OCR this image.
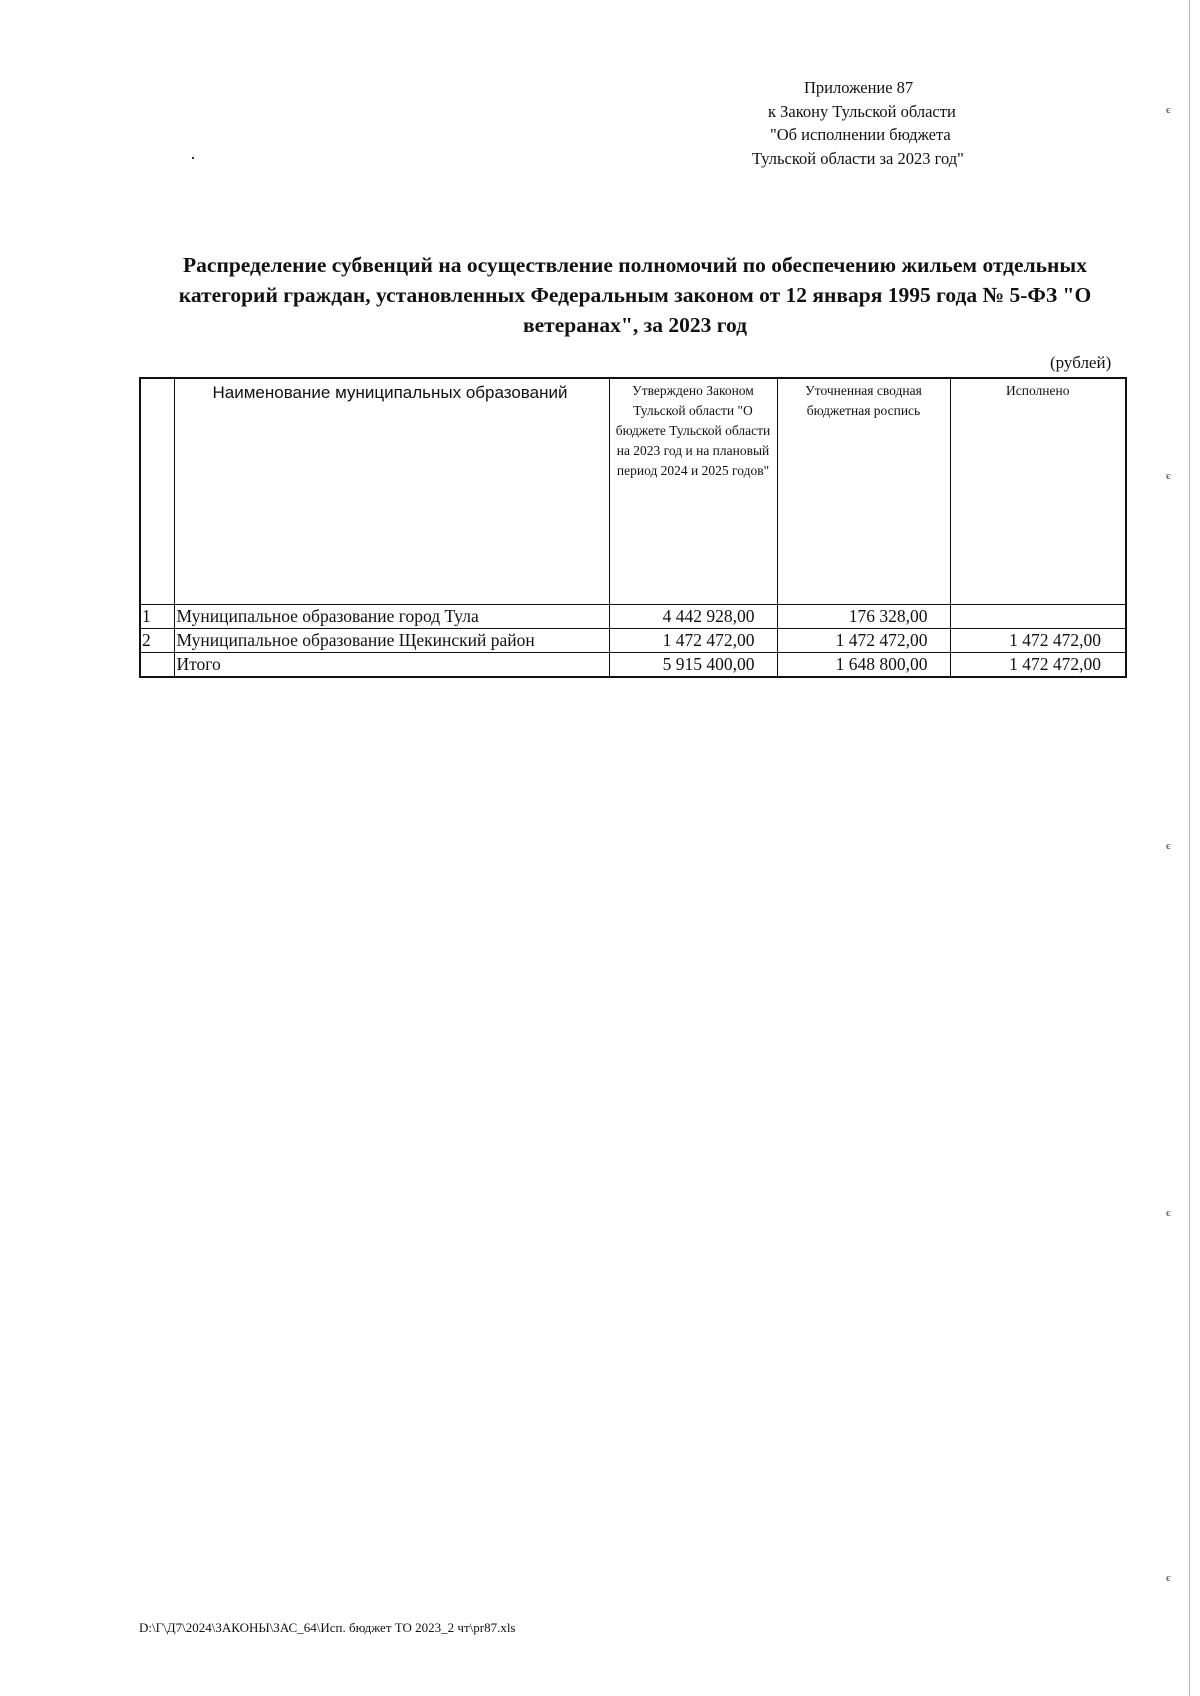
є
є
є
є
є
Приложение 87
к Закону Тульской области
"Об исполнении бюджета
Тульской области за 2023 год"
Распределение субвенций на осуществление полномочий по обеспечению жильем отдельных категорий граждан, установленных Федеральным законом от 12 января 1995 года № 5-ФЗ "О ветеранах", за 2023 год
(рублей)
	Наименование муниципальных образований	Утверждено Законом Тульской области "О бюджете Тульской области на 2023 год и на плановый период 2024 и 2025 годов"	Уточненная сводная бюджетная роспись	Исполнено
1	Муниципальное образование город Тула	4 442 928,00	176 328,00	
2	Муниципальное образование Щекинский район	1 472 472,00	1 472 472,00	1 472 472,00
	Итого	5 915 400,00	1 648 800,00	1 472 472,00
D:\Г\Д7\2024\ЗАКОНЫ\ЗАС_64\Исп. бюджет ТО 2023_2 чт\pr87.xls
